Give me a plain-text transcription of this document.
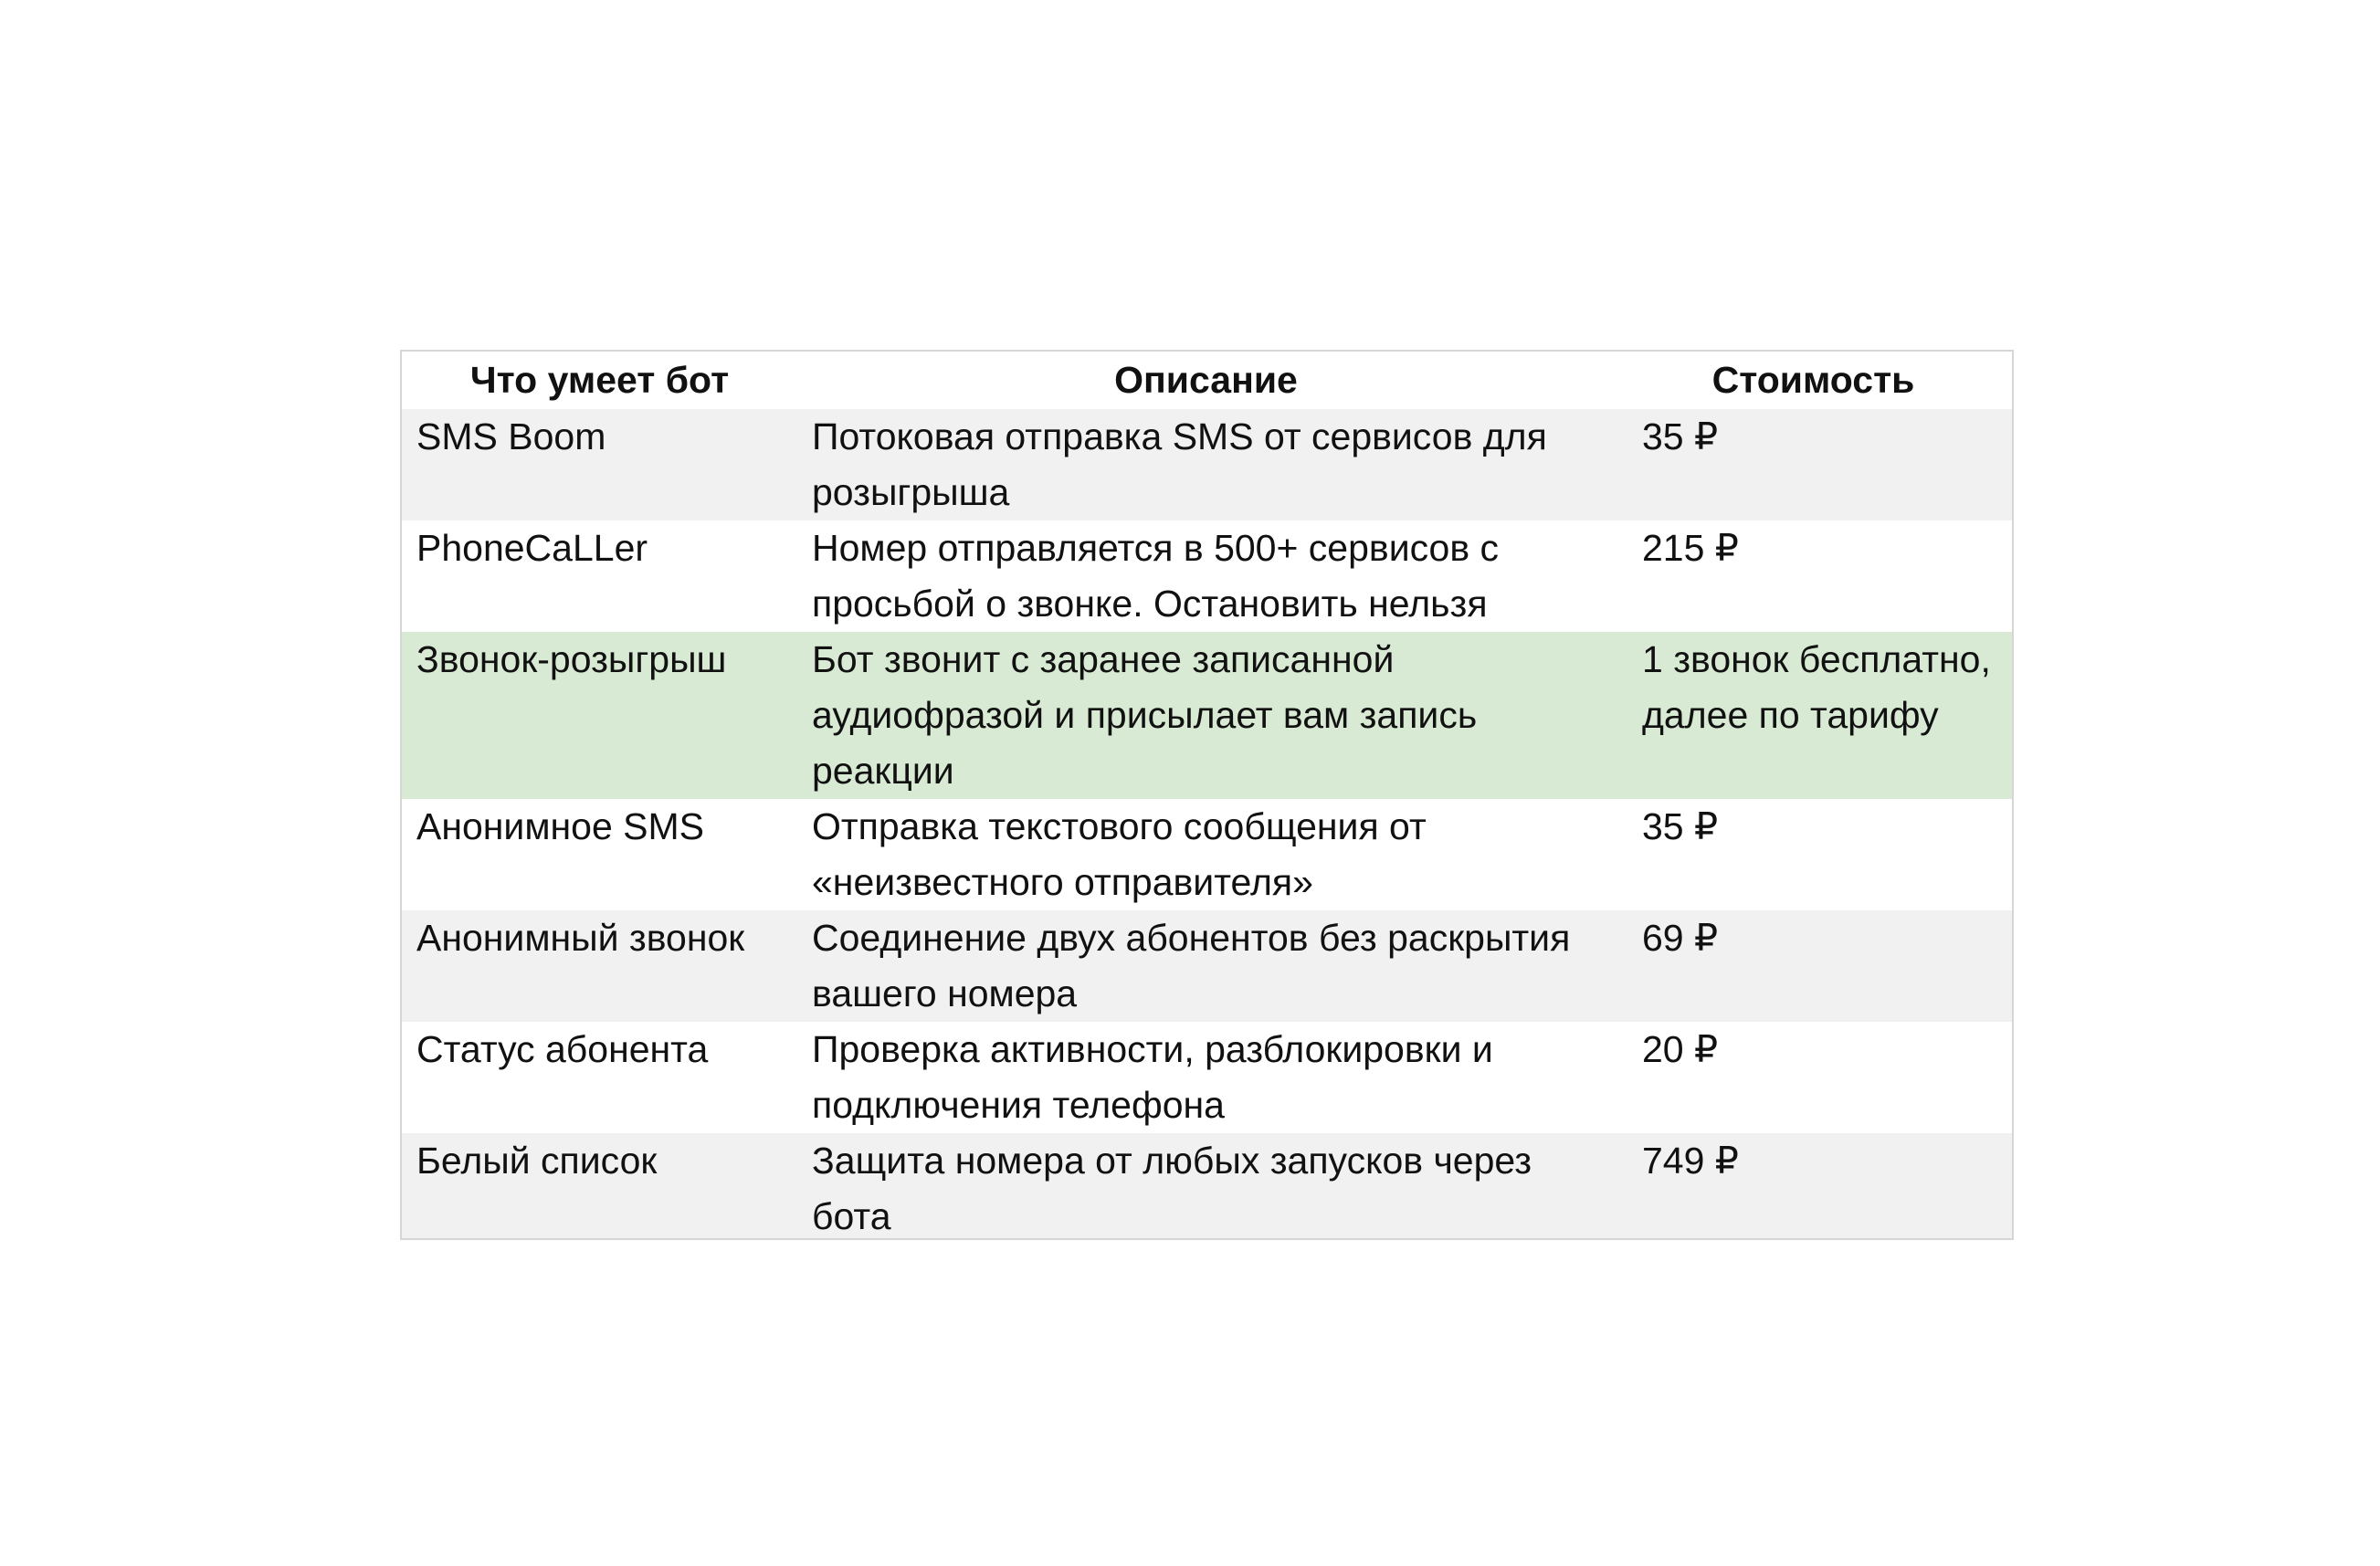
Что умеет бот	Описание	Стоимость
SMS Boom	Потоковая отправка SMS от сервисов для розыгрыша	35 ₽
PhoneCaLLer	Номер отправляется в 500+ сервисов с просьбой о звонке. Остановить нельзя	215 ₽
Звонок-розыгрыш	Бот звонит с заранее записанной аудиофразой и присылает вам запись реакции	1 звонок бесплатно, далее по тарифу
Анонимное SMS	Отправка текстового сообщения от «неизвестного отправителя»	35 ₽
Анонимный звонок	Соединение двух абонентов без раскрытия вашего номера	69 ₽
Статус абонента	Проверка активности, разблокировки и подключения телефона	20 ₽
Белый список	Защита номера от любых запусков через бота	749 ₽
